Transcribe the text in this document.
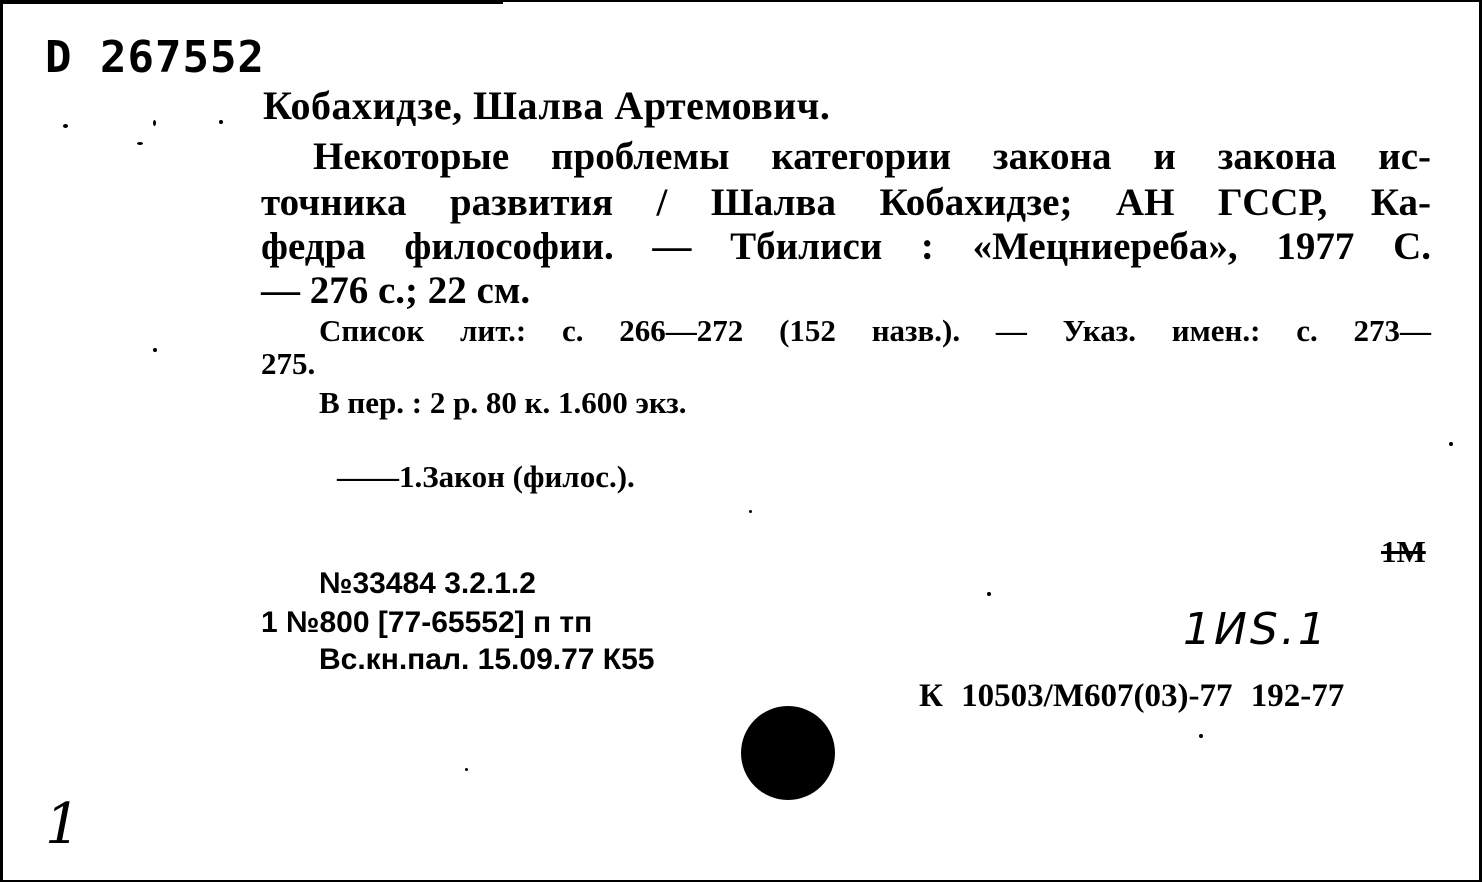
D 267552
Кобахидзе, Шалва Артемович.
Некоторые проблемы категории закона и закона ис-
точника развития / Шалва Кобахидзе; АН ГССР, Ка-
федра философии. — Тбилиси : «Мецниереба», 1977 С.
— 276 с.; 22 см.
Список лит.: с. 266—272 (152 назв.). — Указ. имен.: с. 273—
275.
В пер. : 2 р. 80 к. 1.600 экз.
——1.Закон (филос.).
1М
№33484 3.2.1.2
1 №800 [77-65552] п тп
Вс.кн.пал. 15.09.77 К55
1ИS.1
К 10503/М607(03)-77 192-77
1
